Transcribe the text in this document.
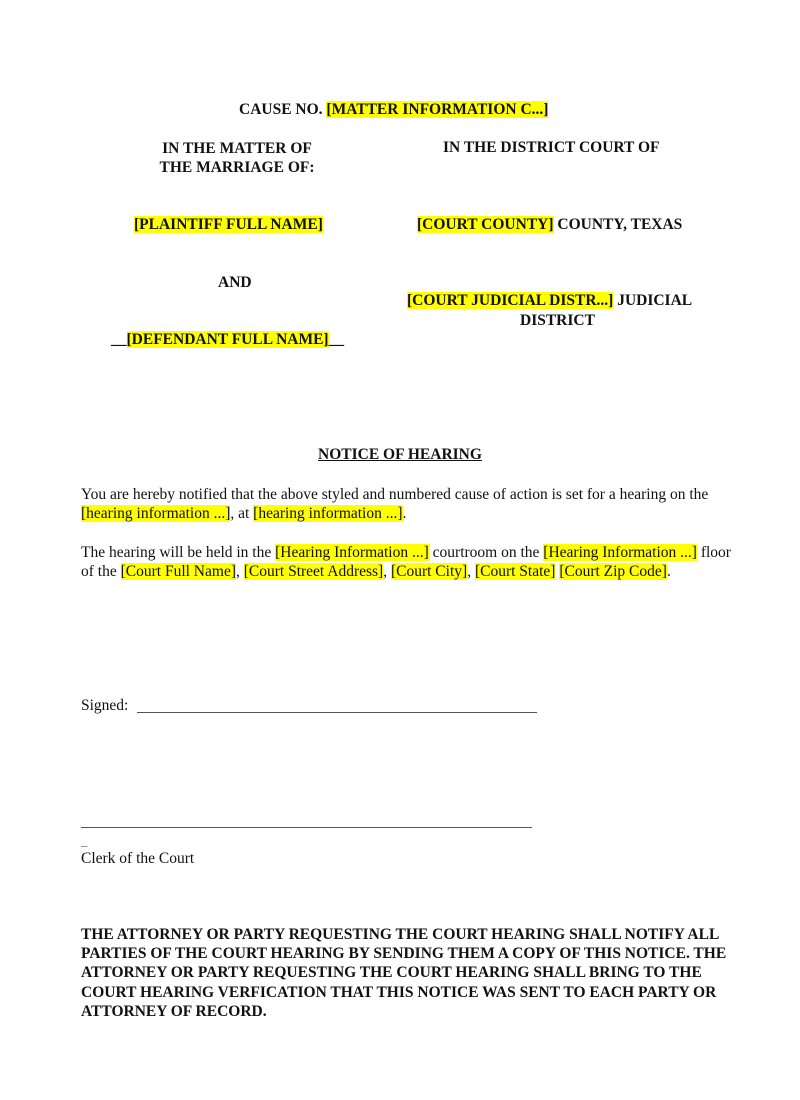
CAUSE NO. [MATTER INFORMATION C...]
IN THE MATTER OF
THE MARRIAGE OF:
[PLAINTIFF FULL NAME]
AND
__[DEFENDANT FULL NAME]__
IN THE DISTRICT COURT OF
[COURT COUNTY] COUNTY, TEXAS
[COURT JUDICIAL DISTR...] JUDICIAL
DISTRICT
NOTICE OF HEARING
You are hereby notified that the above styled and numbered cause of action is set for a hearing on the [hearing information ...], at [hearing information ...].
The hearing will be held in the [Hearing Information ...] courtroom on the [Hearing Information ...] floor of the [Court Full Name], [Court Street Address], [Court City], [Court State] [Court Zip Code].
Signed:
_
Clerk of the Court
THE ATTORNEY OR PARTY REQUESTING THE COURT HEARING SHALL NOTIFY ALL PARTIES OF THE COURT HEARING BY SENDING THEM A COPY OF THIS NOTICE. THE ATTORNEY OR PARTY REQUESTING THE COURT HEARING SHALL BRING TO THE COURT HEARING VERFICATION THAT THIS NOTICE WAS SENT TO EACH PARTY OR ATTORNEY OF RECORD.
